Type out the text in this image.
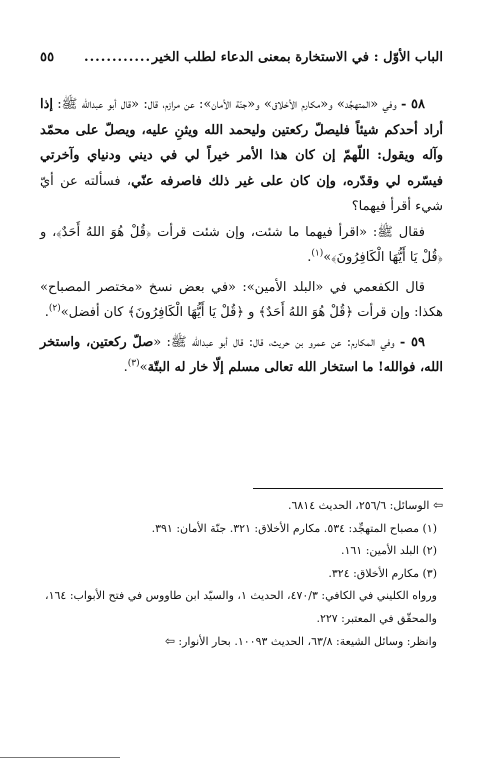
الباب الأوّل : في الاستخارة بمعنى الدعاء لطلب الخير
............
٥٥

٥٨ - وفي «المتهجِّد» و«مكارم الأخلاق» و«جنّة الأمان»: عن مرازم، قال: «قال أبو عبدالله ﷺ: إذا أراد أحدكم شيئاً فليصلّ ركعتين وليحمد الله ويثنِ عليه، ويصلّ على محمّد وآله ويقول: اللّهمّ إن كان هذا الأمر خيراً لي في ديني ودنياي وآخرتي فيسّره لي وقدّره، وإن كان على غير ذلك فاصرفه عنّي، فسألته عن أيّ شيء أقرأ فيهما؟

فقال ﷺ: «اقرأ فيهما ما شئت، وإن شئت قرأت ﴿قُلْ هُوَ اللهُ أَحَدٌ﴾، و ﴿قُلْ يَا أَيُّهَا الْكَافِرُونَ﴾»$^{(١)}$.

قال الكفعمي في «البلد الأمين»: «في بعض نسخ «مختصر المصباح» هكذا: وإن قرأت ﴿قُلْ هُوَ اللهُ أَحَدٌ﴾ و ﴿قُلْ يَا أَيُّهَا الْكَافِرُونَ﴾ كان أفضل»$^{(٢)}$.

٥٩ - وفي المكارم: عن عمرو بن حريث، قال: قال أبو عبدالله ﷺ: «صلّ ركعتين، واستخر الله، فوالله! ما استخار الله تعالى مسلم إلّا خار له البتّة»$^{(٣)}$.

⇦ الوسائل: ٢٥٦/٦، الحديث ٦٨١٤.

(١) مصباح المتهجِّد: ٥٣٤. مكارم الأخلاق: ٣٢١. جنّة الأمان: ٣٩١.

(٢) البلد الأمين: ١٦١.

(٣) مكارم الأخلاق: ٣٢٤.

ورواه الكليني في الكافي: ٤٧٠/٣، الحديث ١، والسيّد ابن طاووس في فتح الأبواب: ١٦٤، والمحقّق في المعتبر: ٢٢٧.

وانظر: وسائل الشيعة: ٦٣/٨، الحديث ١٠٠٩٣. بحار الأنوار: ⇦
